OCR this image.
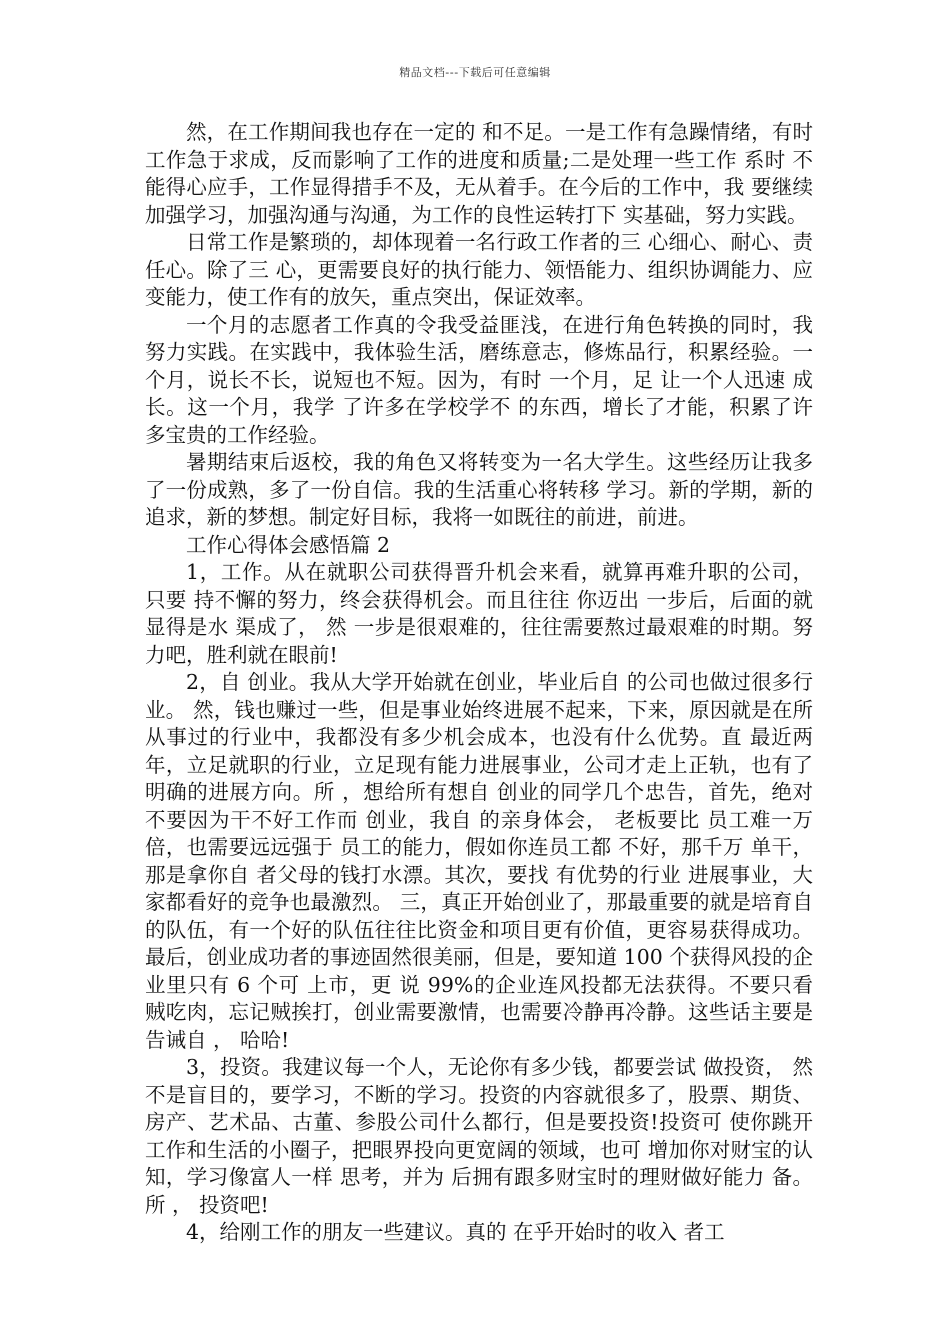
精品文档---下载后可任意编辑

然，在工作期间我也存在一定的 和不足。一是工作有急躁情绪，有时工作急于求成，反而影响了工作的进度和质量;二是处理一些工作 系时 不能得心应手，工作显得措手不及，无从着手。在今后的工作中，我 要继续加强学习，加强沟通与沟通，为工作的良性运转打下 实基础，努力实践。

日常工作是繁琐的，却体现着一名行政工作者的三 心细心、耐心、责任心。除了三 心，更需要良好的执行能力、领悟能力、组织协调能力、应变能力，使工作有的放矢，重点突出，保证效率。

一个月的志愿者工作真的令我受益匪浅，在进行角色转换的同时，我努力实践。在实践中，我体验生活，磨练意志，修炼品行，积累经验。一个月，说长不长，说短也不短。因为，有时 一个月，足 让一个人迅速 成长。这一个月，我学 了许多在学校学不 的东西，增长了才能，积累了许多宝贵的工作经验。

暑期结束后返校，我的角色又将转变为一名大学生。这些经历让我多了一份成熟，多了一份自信。我的生活重心将转移 学习。新的学期，新的追求，新的梦想。制定好目标，我将一如既往的前进，前进。

工作心得体会感悟篇 2

1，工作。从在就职公司获得晋升机会来看，就算再难升职的公司，只要 持不懈的努力，终会获得机会。而且往往 你迈出 一步后，后面的就显得是水 渠成了， 然 一步是很艰难的，往往需要熬过最艰难的时期。努力吧，胜利就在眼前!

2，自 创业。我从大学开始就在创业，毕业后自 的公司也做过很多行业。 然，钱也赚过一些，但是事业始终进展不起来，下来，原因就是在所从事过的行业中，我都没有多少机会成本，也没有什么优势。直 最近两年，立足就职的行业，立足现有能力进展事业，公司才走上正轨，也有了明确的进展方向。所 ，想给所有想自 创业的同学几个忠告，首先，绝对不要因为干不好工作而 创业，我自 的亲身体会， 老板要比 员工难一万倍，也需要远远强于 员工的能力，假如你连员工都 不好，那千万 单干，那是拿你自 者父母的钱打水漂。其次，要找 有优势的行业 进展事业，大家都看好的竞争也最激烈。 三，真正开始创业了，那最重要的就是培育自 的队伍，有一个好的队伍往往比资金和项目更有价值，更容易获得成功。最后，创业成功者的事迹固然很美丽，但是，要知道 100 个获得风投的企业里只有 6 个可 上市，更 说 99%的企业连风投都无法获得。不要只看 贼吃肉，忘记贼挨打，创业需要激情，也需要冷静再冷静。这些话主要是告诫自 ， 哈哈!

3，投资。我建议每一个人，无论你有多少钱，都要尝试 做投资， 然不是盲目的，要学习，不断的学习。投资的内容就很多了，股票、期货、房产、艺术品、古董、参股公司什么都行，但是要投资!投资可 使你跳开工作和生活的小圈子，把眼界投向更宽阔的领域，也可 增加你对财宝的认知，学习像富人一样 思考，并为 后拥有跟多财宝时的理财做好能力 备。所 ， 投资吧!

4，给刚工作的朋友一些建议。真的 在乎开始时的收入 者工
